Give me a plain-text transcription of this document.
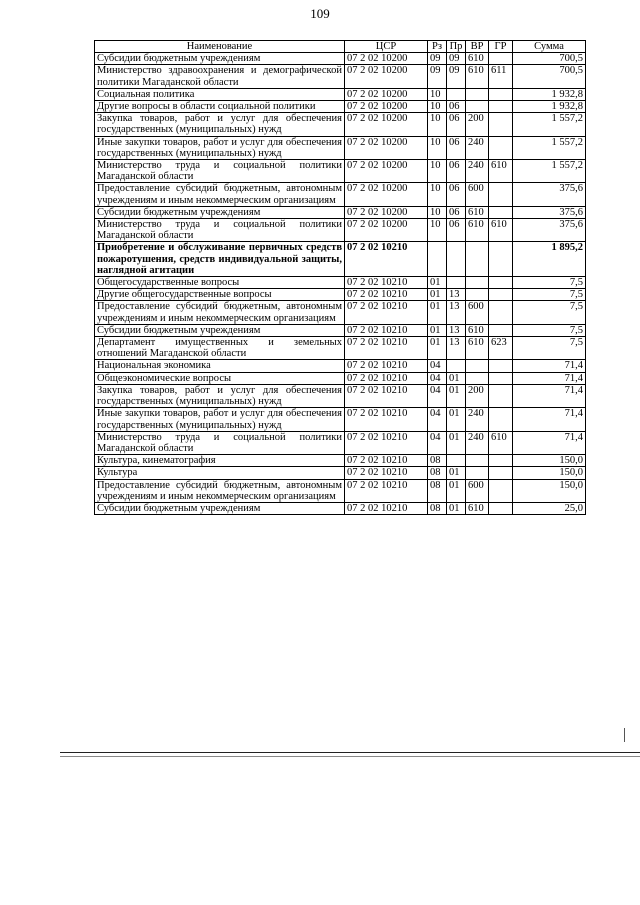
109
Наименование	ЦСР	Рз	Пр	ВР	ГР	Сумма
Субсидии бюджетным учреждениям	07 2 02 10200	09	09	610		700,5
Министерство здравоохранения и демографической политики Магаданской области	07 2 02 10200	09	09	610	611	700,5
Социальная политика	07 2 02 10200	10				1 932,8
Другие вопросы в области социальной политики	07 2 02 10200	10	06			1 932,8
Закупка товаров, работ и услуг для обеспечения государственных (муниципальных) нужд	07 2 02 10200	10	06	200		1 557,2
Иные закупки товаров, работ и услуг для обеспечения государственных (муниципальных) нужд	07 2 02 10200	10	06	240		1 557,2
Министерство труда и социальной политики Магаданской области	07 2 02 10200	10	06	240	610	1 557,2
Предоставление субсидий бюджетным, автономным учреждениям и иным некоммерческим организациям	07 2 02 10200	10	06	600		375,6
Субсидии бюджетным учреждениям	07 2 02 10200	10	06	610		375,6
Министерство труда и социальной политики Магаданской области	07 2 02 10200	10	06	610	610	375,6
Приобретение и обслуживание первичных средств пожаротушения, средств индивидуальной защиты, наглядной агитации	07 2 02 10210					1 895,2
Общегосударственные вопросы	07 2 02 10210	01				7,5
Другие общегосударственные вопросы	07 2 02 10210	01	13			7,5
Предоставление субсидий бюджетным, автономным учреждениям и иным некоммерческим организациям	07 2 02 10210	01	13	600		7,5
Субсидии бюджетным учреждениям	07 2 02 10210	01	13	610		7,5
Департамент имущественных и земельных отношений Магаданской области	07 2 02 10210	01	13	610	623	7,5
Национальная экономика	07 2 02 10210	04				71,4
Общеэкономические вопросы	07 2 02 10210	04	01			71,4
Закупка товаров, работ и услуг для обеспечения государственных (муниципальных) нужд	07 2 02 10210	04	01	200		71,4
Иные закупки товаров, работ и услуг для обеспечения государственных (муниципальных) нужд	07 2 02 10210	04	01	240		71,4
Министерство труда и социальной политики Магаданской области	07 2 02 10210	04	01	240	610	71,4
Культура, кинематография	07 2 02 10210	08				150,0
Культура	07 2 02 10210	08	01			150,0
Предоставление субсидий бюджетным, автономным учреждениям и иным некоммерческим организациям	07 2 02 10210	08	01	600		150,0
Субсидии бюджетным учреждениям	07 2 02 10210	08	01	610		25,0
